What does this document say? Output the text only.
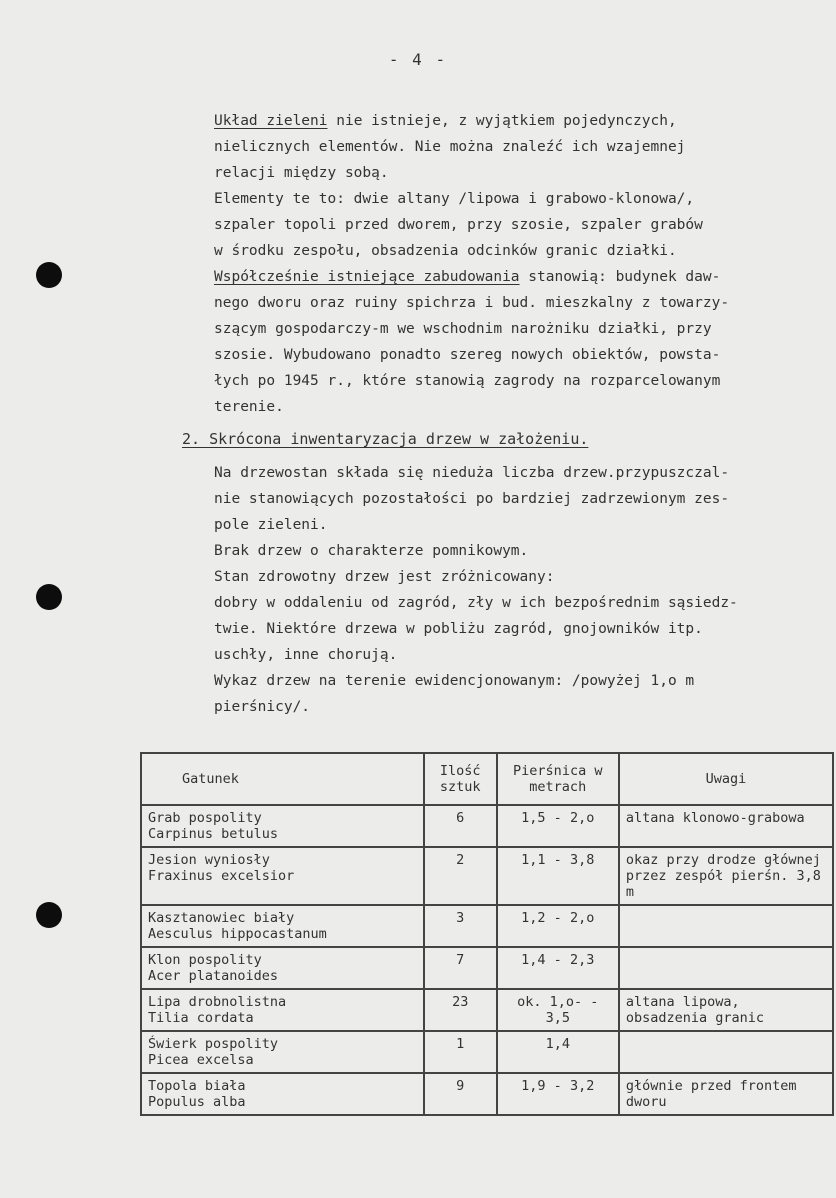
- 4 -
Układ zieleni nie istnieje, z wyjątkiem pojedynczych,
nielicznych elementów. Nie można znaleźć ich wzajemnej
relacji między sobą.
Elementy te to: dwie altany /lipowa i grabowo-klonowa/,
szpaler topoli przed dworem, przy szosie, szpaler grabów
w środku zespołu, obsadzenia odcinków granic działki.
Współcześnie istniejące zabudowania stanowią: budynek daw-
nego dworu oraz ruiny spichrza i bud. mieszkalny z towarzy-
szącym gospodarczy-m we wschodnim narożniku działki, przy
szosie. Wybudowano ponadto szereg nowych obiektów, powsta-
łych po 1945 r., które stanowią zagrody na rozparcelowanym
terenie.
2. Skrócona inwentaryzacja drzew w założeniu.
Na drzewostan składa się nieduża liczba drzew.przypuszczal-
nie stanowiących pozostałości po bardziej zadrzewionym zes-
pole zieleni.
Brak drzew o charakterze pomnikowym.
Stan zdrowotny drzew jest zróżnicowany:
dobry w oddaleniu od zagród, zły w ich bezpośrednim sąsiedz-
twie. Niektóre drzewa w pobliżu zagród, gnojowników itp.
uschły, inne chorują.
Wykaz drzew na terenie ewidencjonowanym: /powyżej 1,o m
pierśnicy/.
Gatunek	Ilość sztuk	Pierśnica w metrach	Uwagi

Grab pospolity
Carpinus betulus	6	1,5 - 2,o	altana klonowo-grabowa

Jesion wyniosły
Fraxinus excelsior	2	1,1 - 3,8	okaz przy drodze głównej przez zespół pierśn. 3,8 m

Kasztanowiec biały
Aesculus hippocastanum	3	1,2 - 2,o	

Klon pospolity
Acer platanoides	7	1,4 - 2,3	

Lipa drobnolistna
Tilia cordata	23	ok. 1,o- - 3,5	altana lipowa, obsadzenia granic

Świerk pospolity
Picea excelsa	1	1,4	

Topola biała
Populus alba	9	1,9 - 3,2	głównie przed frontem dworu
